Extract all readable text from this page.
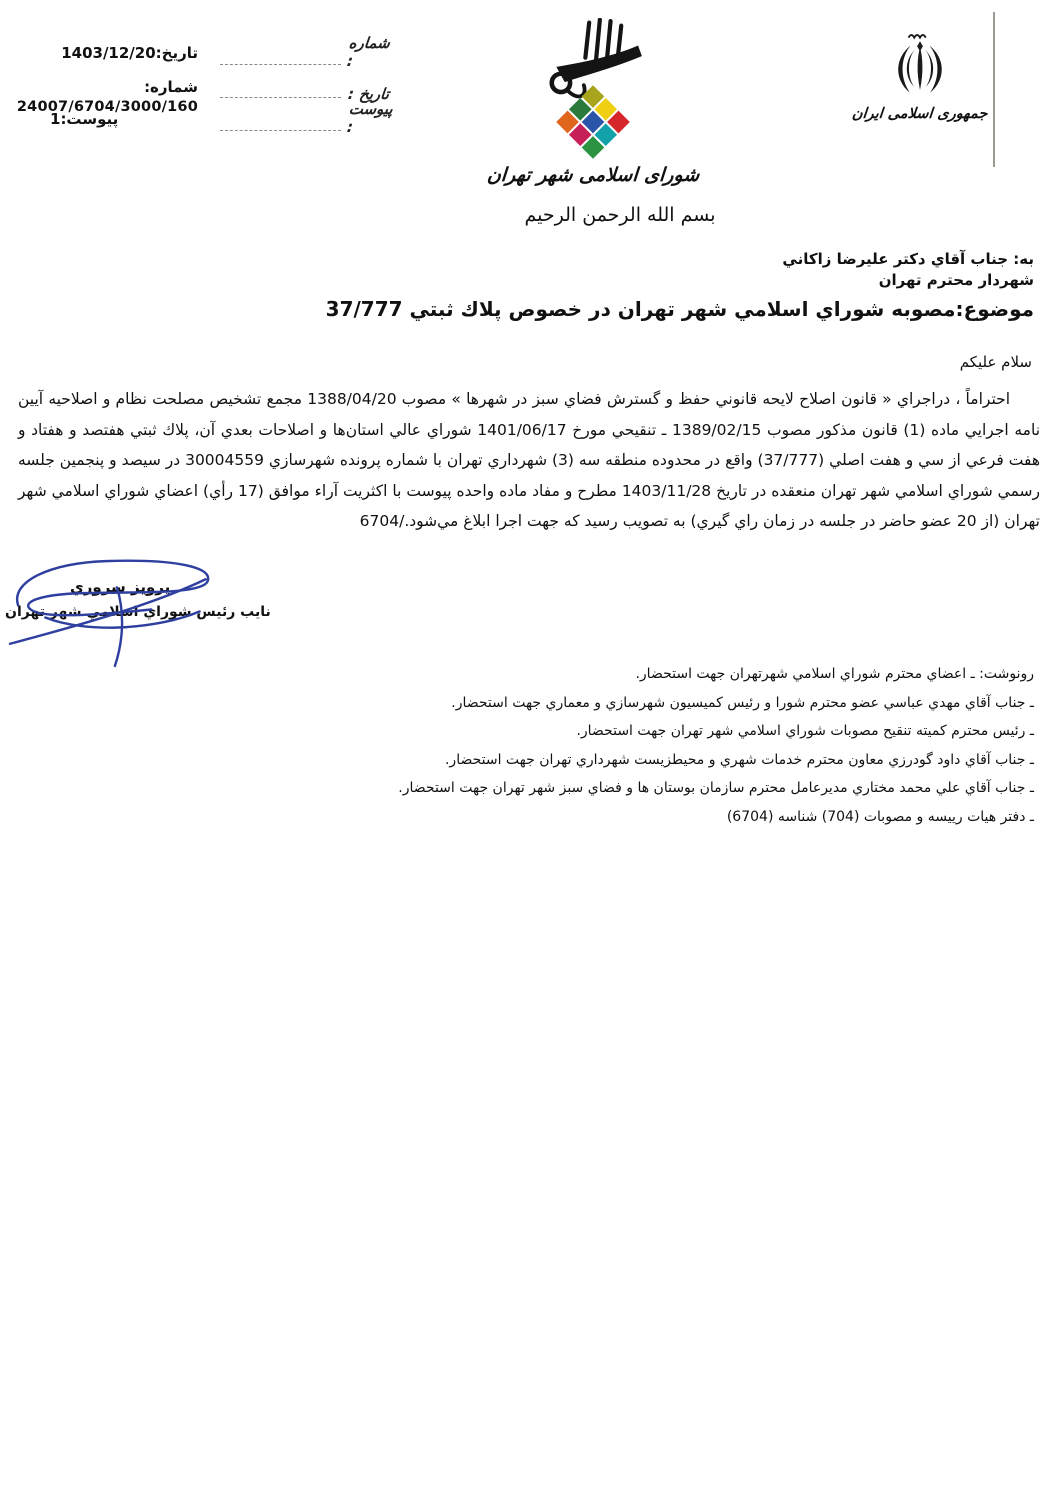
تاريخ:1403/12/20
شماره:
24007/6704/3000/160
پيوست:1
شماره :
تاريخ :
پيوست :
شورای اسلامی شهر تهران
جمهوری اسلامی ایران
بسم الله الرحمن الرحيم
به: جناب آقاي دكتر عليرضا زاكاني
شهردار محترم تهران
موضوع:مصوبه شوراي اسلامي شهر تهران در خصوص پلاك ثبتي 37/777
سلام عليكم
احتراماً ، دراجراي « قانون اصلاح لايحه قانوني حفظ و گسترش فضاي سبز در شهرها » مصوب 1388/04/20 مجمع تشخيص مصلحت نظام و اصلاحيه آيين نامه اجرايي ماده (1) قانون مذكور مصوب 1389/02/15 ـ تنقيحي مورخ 1401/06/17 شوراي عالي استان‌ها و اصلاحات بعدي آن، پلاك ثبتي هفتصد و هفتاد و هفت فرعي از سي و هفت اصلي (37/777) واقع در محدوده منطقه سه (3) شهرداري تهران با شماره پرونده شهرسازي 30004559 در سيصد و پنجمين جلسه رسمي شوراي اسلامي شهر تهران منعقده در تاريخ 1403/11/28 مطرح و مفاد ماده واحده پيوست با اكثريت آراء موافق (17 رأي) اعضاي شوراي اسلامي شهر تهران (از 20 عضو حاضر در جلسه در زمان راي گيري) به تصويب رسيد كه جهت اجرا ابلاغ مي‌شود./6704
پرويز سروري
نايب رئيس شوراي اسلامي شهر تهران
رونوشت: ـ اعضاي محترم شوراي اسلامي شهرتهران جهت استحضار.
ـ جناب آقاي مهدي عباسي عضو محترم شورا و رئيس كميسيون شهرسازي و معماري جهت استحضار.
ـ رئيس محترم كميته تنقيح مصوبات شوراي اسلامي شهر تهران جهت استحضار.
ـ جناب آقاي داود گودرزي معاون محترم خدمات شهري و محيطزيست شهرداري تهران جهت استحضار.
ـ جناب آقاي علي محمد مختاري مديرعامل محترم سازمان بوستان ها و فضاي سبز شهر تهران جهت استحضار.
ـ دفتر هيات رييسه و مصوبات (704) شناسه (6704)
